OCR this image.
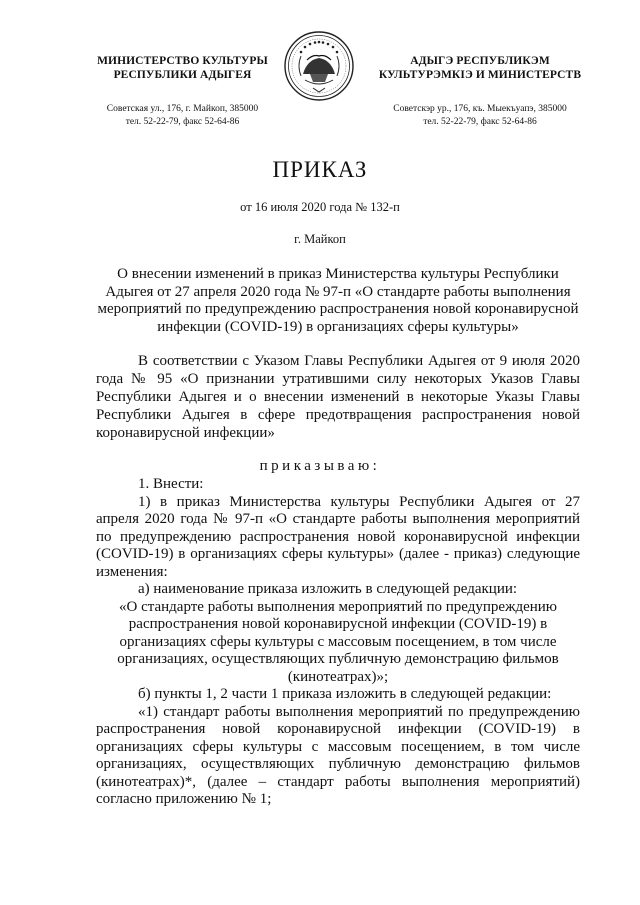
МИНИСТЕРСТВО КУЛЬТУРЫ
РЕСПУБЛИКИ АДЫГЕЯ
Советская ул., 176, г. Майкоп, 385000
тел. 52-22-79, факс 52-64-86
АДЫГЭ РЕСПУБЛИКЭМ
КУЛЬТУРЭМКIЭ И МИНИСТЕРСТВ
Советскэр ур., 176, къ. Мыекъуапэ, 385000
тел. 52-22-79, факс 52-64-86
ПРИКАЗ
от 16 июля 2020 года № 132-п
г. Майкоп
О внесении изменений в приказ Министерства культуры Республики Адыгея от 27 апреля 2020 года № 97-п «О стандарте работы выполнения мероприятий по предупреждению распространения новой коронавирусной инфекции (COVID-19) в организациях сферы культуры»
В соответствии с Указом Главы Республики Адыгея от 9 июля 2020 года № 95 «О признании утратившими силу некоторых Указов Главы Республики Адыгея и о внесении изменений в некоторые Указы Главы Республики Адыгея в сфере предотвращения распространения новой коронавирусной инфекции»
приказываю:

1. Внести:

1) в приказ Министерства культуры Республики Адыгея от 27 апреля 2020 года № 97-п «О стандарте работы выполнения мероприятий по предупреждению распространения новой коронавирусной инфекции (COVID-19) в организациях сферы культуры» (далее - приказ) следующие изменения:

а) наименование приказа изложить в следующей редакции:

«О стандарте работы выполнения мероприятий по предупреждению распространения новой коронавирусной инфекции (COVID-19) в организациях сферы культуры с массовым посещением, в том числе организациях, осуществляющих публичную демонстрацию фильмов (кинотеатрах)»;

б) пункты 1, 2 части 1 приказа изложить в следующей редакции:

«1) стандарт работы выполнения мероприятий по предупреждению распространения новой коронавирусной инфекции (COVID-19) в организациях сферы культуры с массовым посещением, в том числе организациях, осуществляющих публичную демонстрацию фильмов (кинотеатрах)*, (далее – стандарт работы выполнения мероприятий) согласно приложению № 1;
